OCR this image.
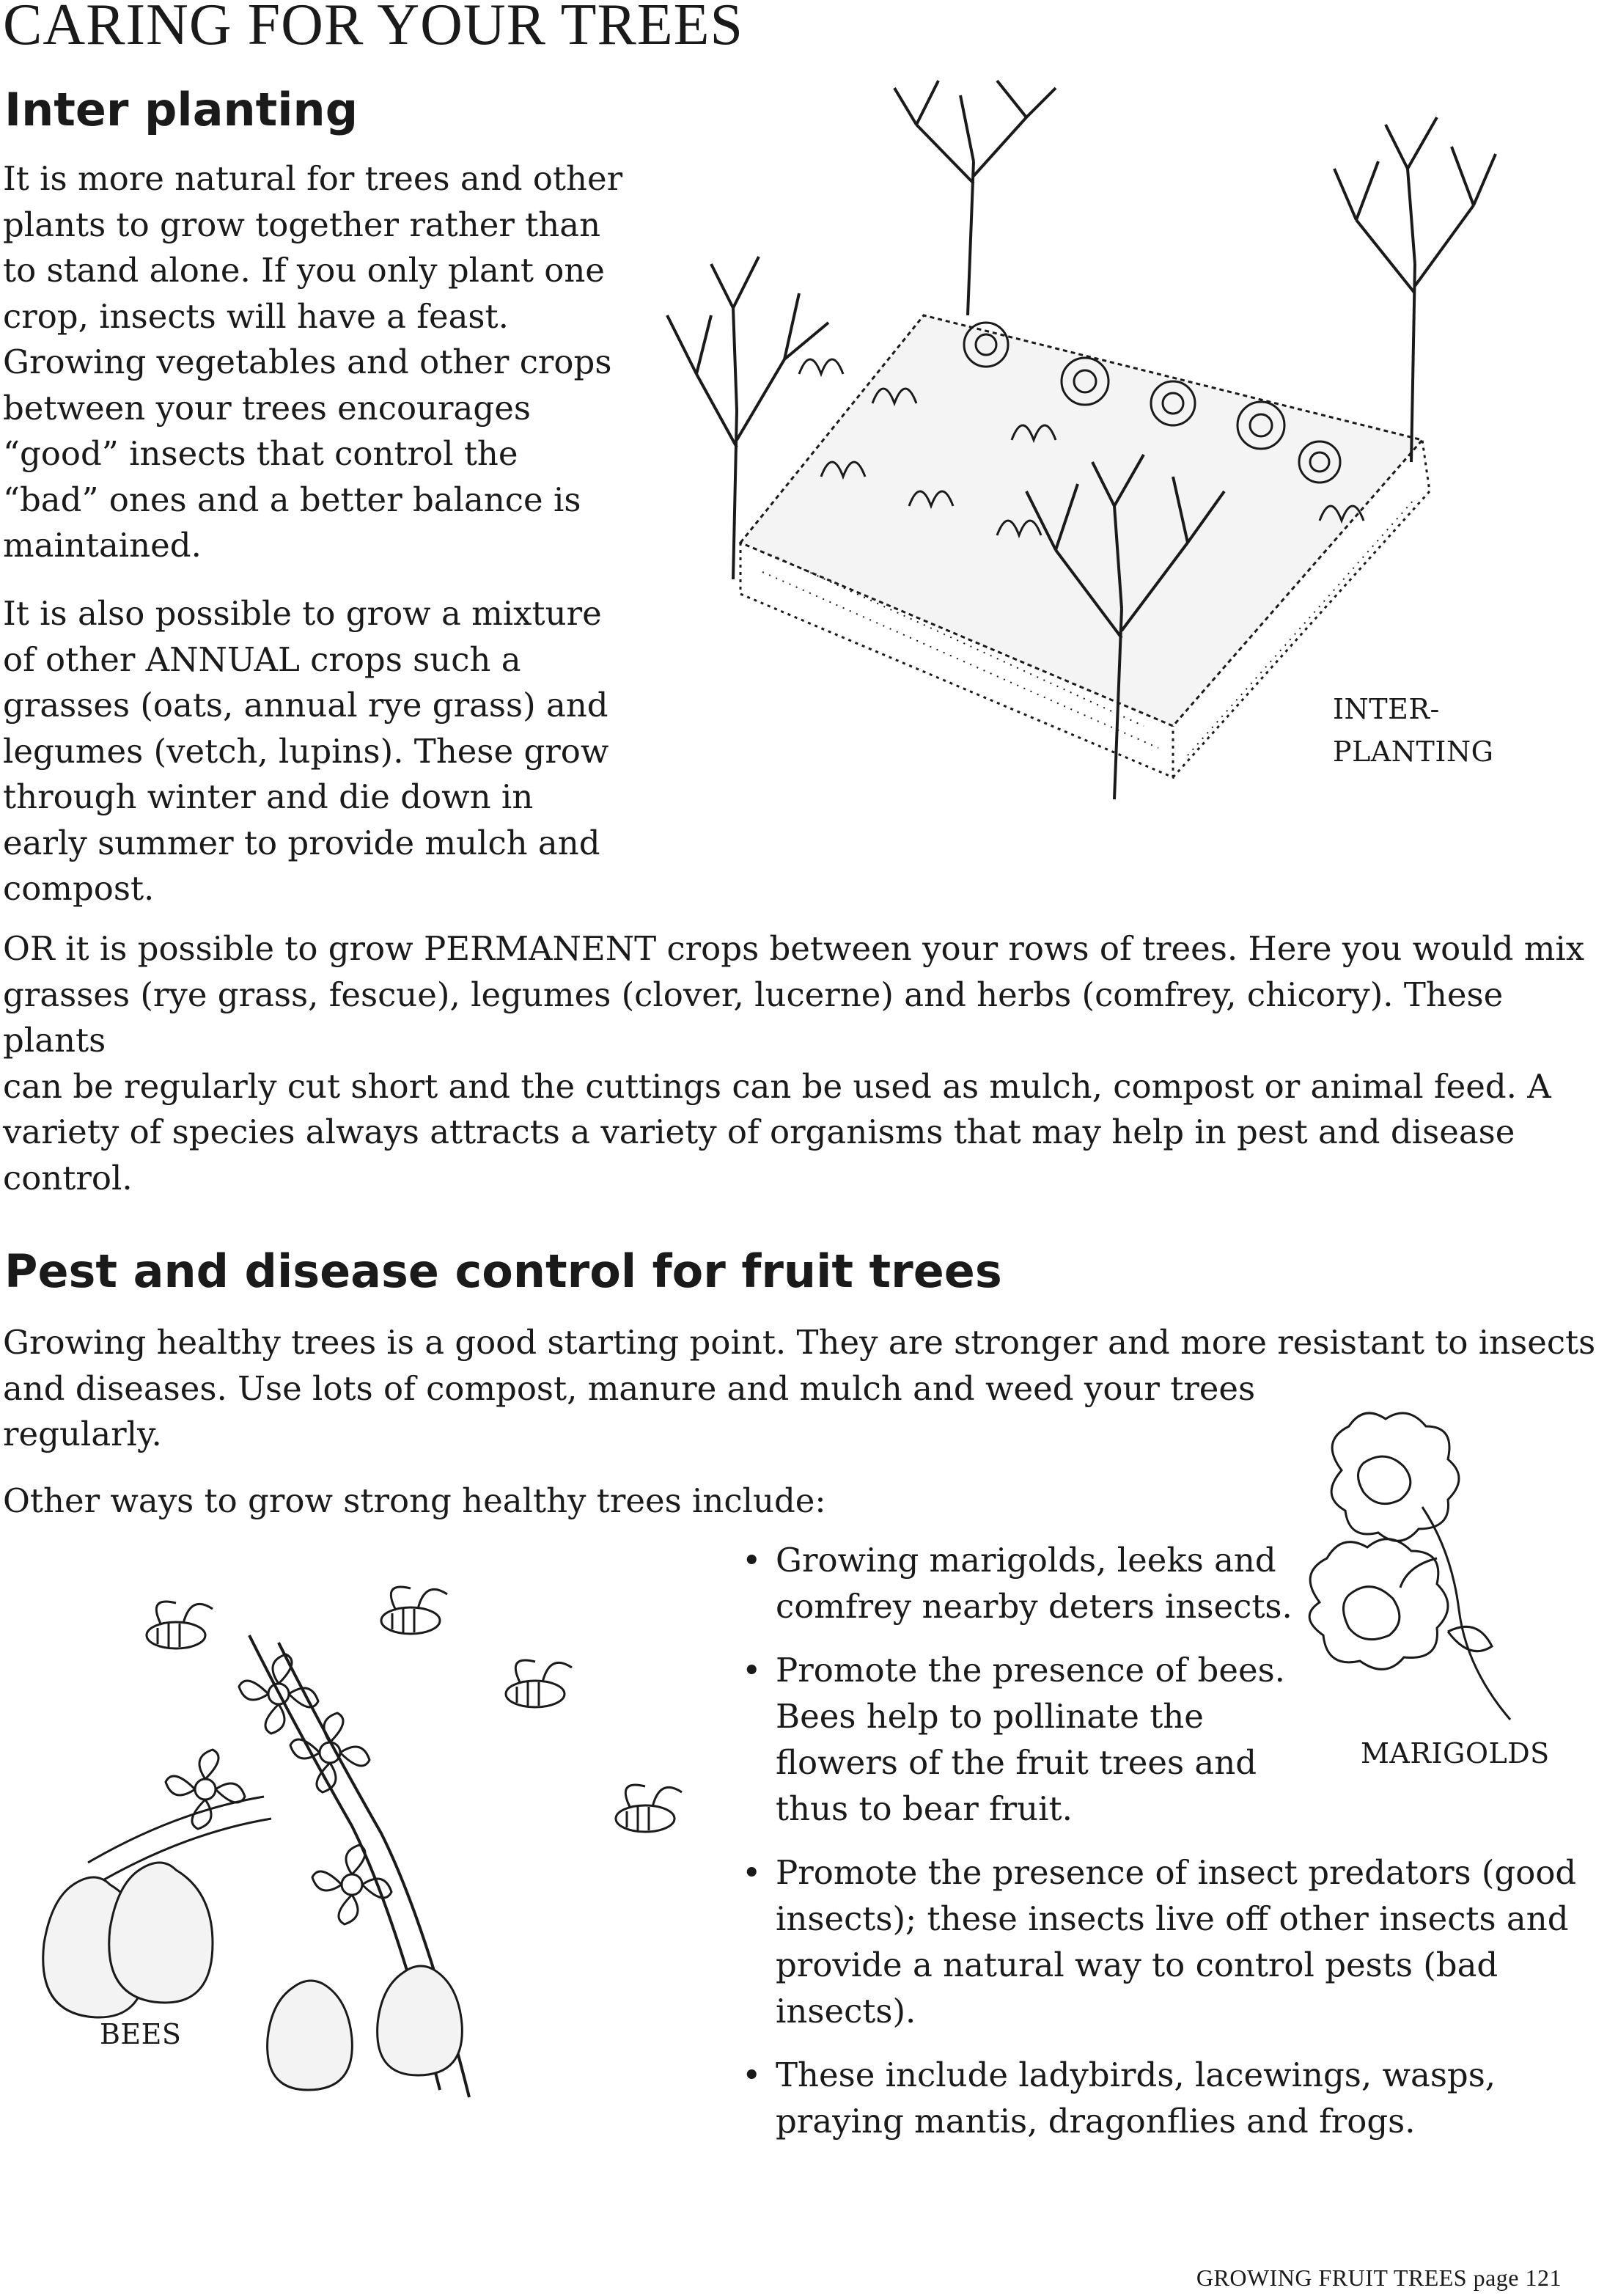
CARING FOR YOUR TREES
Inter planting

It is more natural for trees and other
plants to grow together rather than
to stand alone. If you only plant one
crop, insects will have a feast.
Growing vegetables and other crops
between your trees encourages
“good” insects that control the
“bad” ones and a better balance is
maintained.

It is also possible to grow a mixture
of other ANNUAL crops such a
grasses (oats, annual rye grass) and
legumes (vetch, lupins). These grow
through winter and die down in
early summer to provide mulch and
compost.

INTER-
PLANTING

OR it is possible to grow PERMANENT crops between your rows of trees. Here you would mix
grasses (rye grass, fescue), legumes (clover, lucerne) and herbs (comfrey, chicory). These plants
can be regularly cut short and the cuttings can be used as mulch, compost or animal feed. A
variety of species always attracts a variety of organisms that may help in pest and disease
control.

Pest and disease control for fruit trees

Growing healthy trees is a good starting point. They are stronger and more resistant to insects
and diseases. Use lots of compost, manure and mulch and weed your trees
regularly.

Other ways to grow strong healthy trees include:

MARIGOLDS

• Growing marigolds, leeks and
comfrey nearby deters insects.
• Promote the presence of bees.
Bees help to pollinate the
flowers of the fruit trees and
thus to bear fruit.
• Promote the presence of insect predators (good
insects); these insects live off other insects and
provide a natural way to control pests (bad
insects).
• These include ladybirds, lacewings, wasps,
praying mantis, dragonflies and frogs.

BEES

GROWING FRUIT TREES page 121
